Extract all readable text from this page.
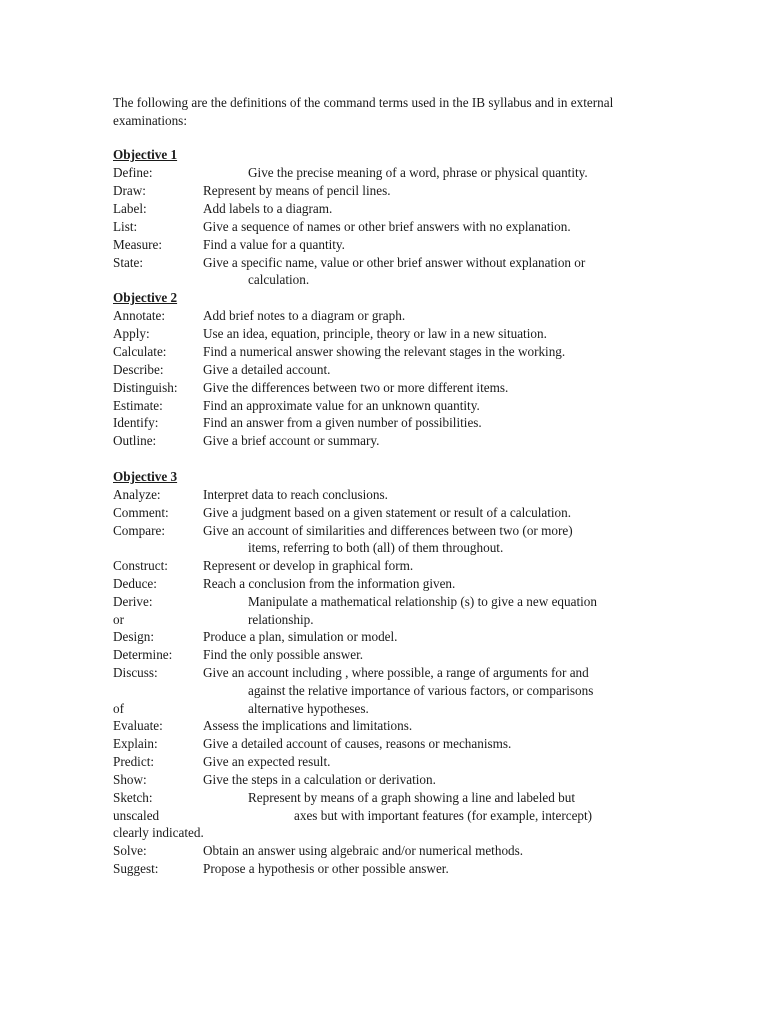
The following are the definitions of the command terms used in the IB syllabus and in external examinations:
Objective 1
Define:	Give the precise meaning of a word, phrase or physical quantity.
Draw:	Represent by means of pencil lines.
Label:	Add labels to a diagram.
List:	Give a sequence of names or other brief answers with no explanation.
Measure:	Find a value for a quantity.
State:	Give a specific name, value or other brief answer without explanation or
calculation.
Objective 2
Annotate:	Add brief notes to a diagram or graph.
Apply:	Use an idea, equation, principle, theory or law in a new situation.
Calculate:	Find a numerical answer showing the relevant stages in the working.
Describe:	Give a detailed account.
Distinguish: Give the differences between two or more different items.
Estimate:	Find an approximate value for an unknown quantity.
Identify:	Find an answer from a given number of possibilities.
Outline:	Give a brief account or summary.
Objective 3
Analyze:	Interpret data to reach conclusions.
Comment:	Give a judgment based on a given statement or result of a calculation.
Compare:	Give an account of similarities and differences between two (or more)
items, referring to both (all) of them throughout.
Construct:	Represent or develop in graphical form.
Deduce:	Reach a conclusion from the information given.
Derive:	Manipulate a mathematical relationship (s) to give a new equation
or	relationship.
Design:	Produce a plan, simulation or model.
Determine: Find the only possible answer.
Discuss:	Give an account including , where possible, a range of arguments for and
against the relative importance of various factors, or comparisons
of	alternative hypotheses.
Evaluate:	Assess the implications and limitations.
Explain:	Give a detailed account of causes, reasons or mechanisms.
Predict:	Give an expected result.
Show:	Give the steps in a calculation or derivation.
Sketch:	Represent by means of a graph showing a line and labeled but
unscaled	axes but with important features (for example, intercept)
clearly indicated.
Solve:	Obtain an answer using algebraic and/or numerical methods.
Suggest:	Propose a hypothesis or other possible answer.
